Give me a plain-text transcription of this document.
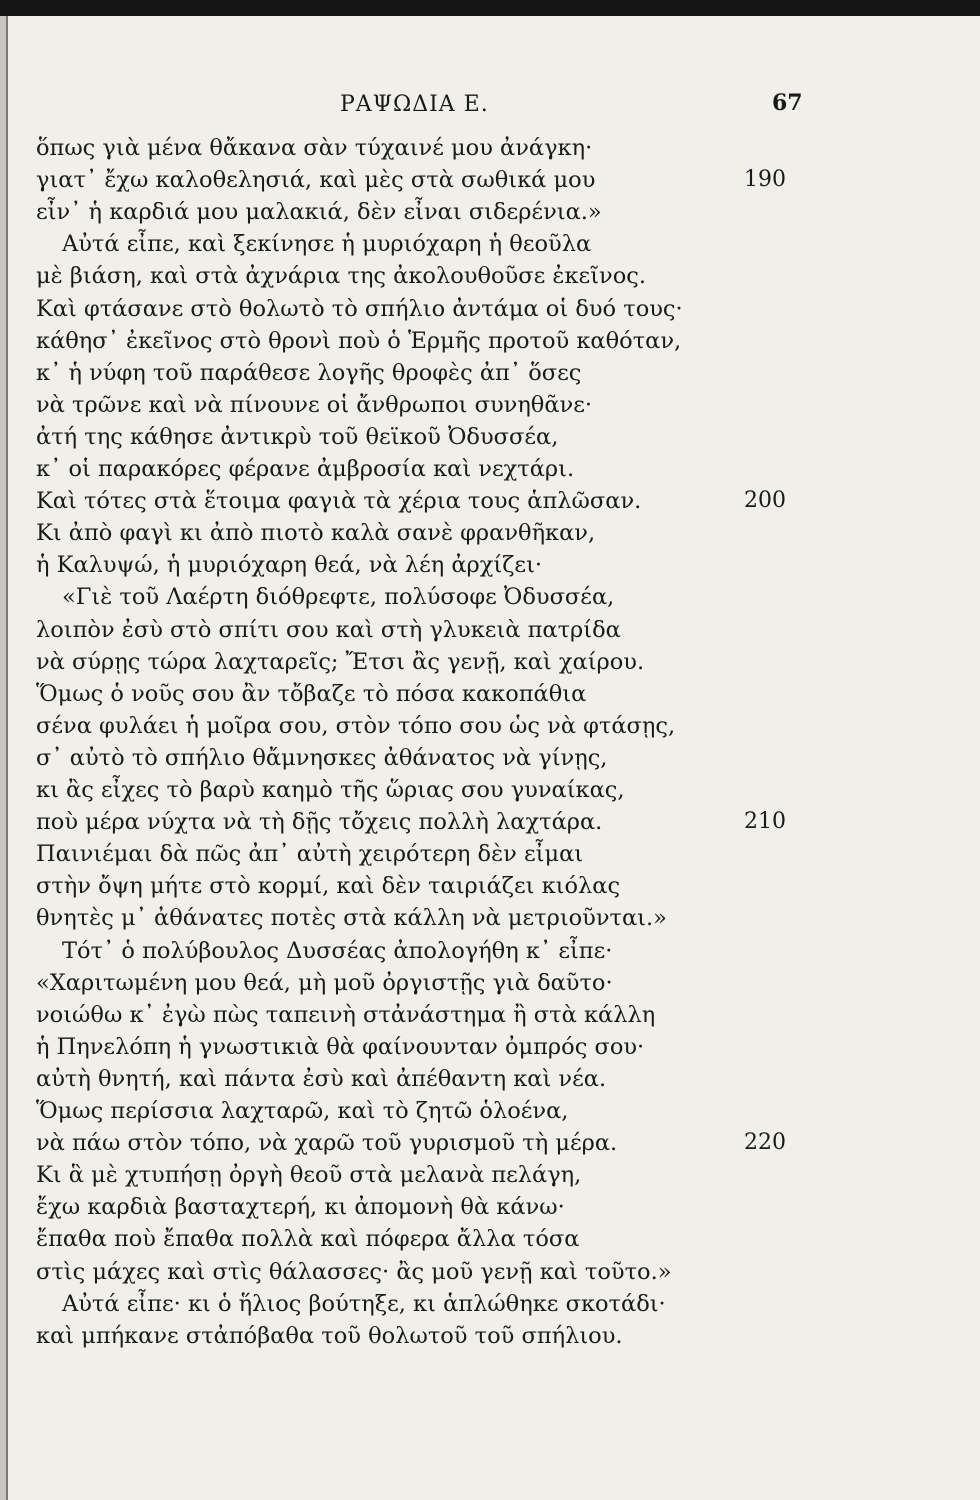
ΡΑΨΩΔΙΑ Ε.	67
ὅπως γιὰ μένα θἄκανα σὰν τύχαινέ μου ἀνάγκη·
γιατ᾿ ἔχω καλοθελησιά, καὶ μὲς στὰ σωθικά μου	190
εἶν᾿ ἡ καρδιά μου μαλακιά, δὲν εἶναι σιδερένια.»
Αὐτά εἶπε, καὶ ξεκίνησε ἡ μυριόχαρη ἡ θεοῦλα
μὲ βιάση, καὶ στὰ ἀχνάρια της ἀκολουθοῦσε ἐκεῖνος.
Καὶ φτάσανε στὸ θολωτὸ τὸ σπήλιο ἀντάμα οἱ δυό τους·
κάθησ᾿ ἐκεῖνος στὸ θρονὶ ποὺ ὁ Ἑρμῆς προτοῦ καθόταν,
κ᾿ ἡ νύφη τοῦ παράθεσε λογῆς θροφὲς ἀπ᾿ ὅσες
νὰ τρῶνε καὶ νὰ πίνουνε οἱ ἄνθρωποι συνηθᾶνε·
ἀτή της κάθησε ἀντικρὺ τοῦ θεϊκοῦ Ὀδυσσέα,
κ᾿ οἱ παρακόρες φέρανε ἀμβροσία καὶ νεχτάρι.
Καὶ τότες στὰ ἕτοιμα φαγιὰ τὰ χέρια τους ἁπλῶσαν.	200
Κι ἀπὸ φαγὶ κι ἀπὸ πιοτὸ καλὰ σανὲ φρανθῆκαν,
ἡ Καλυψώ, ἡ μυριόχαρη θεά, νὰ λέη ἀρχίζει·
«Γιὲ τοῦ Λαέρτη διόθρεφτε, πολύσοφε Ὀδυσσέα,
λοιπὸν ἐσὺ στὸ σπίτι σου καὶ στὴ γλυκειὰ πατρίδα
νὰ σύρῃς τώρα λαχταρεῖς; Ἔτσι ἂς γενῇ, καὶ χαίρου.
Ὅμως ὁ νοῦς σου ἂν τὄβαζε τὸ πόσα κακοπάθια
σένα φυλάει ἡ μοῖρα σου, στὸν τόπο σου ὡς νὰ φτάσῃς,
σ᾿ αὐτὸ τὸ σπήλιο θἄμνησκες ἀθάνατος νὰ γίνῃς,
κι ἂς εἶχες τὸ βαρὺ καημὸ τῆς ὥριας σου γυναίκας,
ποὺ μέρα νύχτα νὰ τὴ δῇς τὄχεις πολλὴ λαχτάρα.	210
Παινιέμαι δὰ πῶς ἀπ᾿ αὐτὴ χειρότερη δὲν εἶμαι
στὴν ὄψη μήτε στὸ κορμί, καὶ δὲν ταιριάζει κιόλας
θνητὲς μ᾿ ἀθάνατες ποτὲς στὰ κάλλη νὰ μετριοῦνται.»
Τότ᾿ ὁ πολύβουλος Δυσσέας ἀπολογήθη κ᾿ εἶπε·
«Χαριτωμένη μου θεά, μὴ μοῦ ὀργιστῇς γιὰ δαῦτο·
νοιώθω κ᾿ ἐγὼ πὼς ταπεινὴ στἀνάστημα ἢ στὰ κάλλη
ἡ Πηνελόπη ἡ γνωστικιὰ θὰ φαίνουνταν ὀμπρός σου·
αὐτὴ θνητή, καὶ πάντα ἐσὺ καὶ ἀπέθαντη καὶ νέα.
Ὅμως περίσσια λαχταρῶ, καὶ τὸ ζητῶ ὁλοένα,
νὰ πάω στὸν τόπο, νὰ χαρῶ τοῦ γυρισμοῦ τὴ μέρα.	220
Κι ἃ μὲ χτυπήσῃ ὀργὴ θεοῦ στὰ μελανὰ πελάγη,
ἔχω καρδιὰ βασταχτερή, κι ἀπομονὴ θὰ κάνω·
ἔπαθα ποὺ ἔπαθα πολλὰ καὶ πόφερα ἄλλα τόσα
στὶς μάχες καὶ στὶς θάλασσες· ἂς μοῦ γενῇ καὶ τοῦτο.»
Αὐτά εἶπε· κι ὁ ἥλιος βούτηξε, κι ἁπλώθηκε σκοτάδι·
καὶ μπήκανε στἀπόβαθα τοῦ θολωτοῦ τοῦ σπήλιου.
